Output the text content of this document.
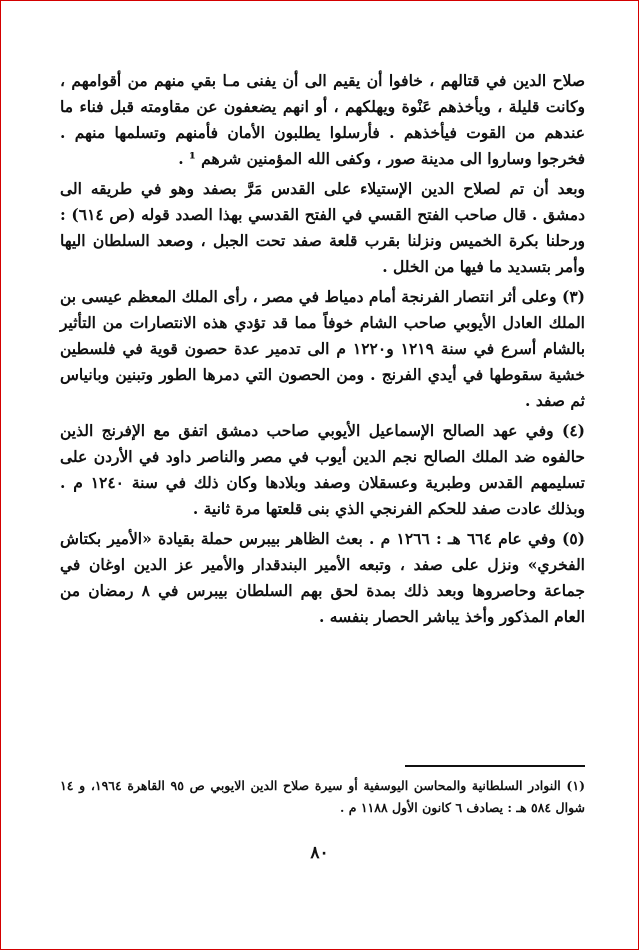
صلاح الدين في قتالهم ، خافوا أن يقيم الى أن يفنى مـا بقي منهم من أقوامهم ، وكانت قليلة ، ويأخذهم عَنْوة ويهلكهم ، أو انهم يضعفون عن مقاومته قبل فناء ما عندهم من القوت فيأخذهم . فأرسلوا يطلبون الأمان فأمنهم وتسلمها منهم . فخرجوا وساروا الى مدينة صور ، وكفى الله المؤمنين شرهم ¹ .

وبعد أن تم لصلاح الدين الإستيلاء على القدس مَرَّ بصفد وهو في طريقه الى دمشق . قال صاحب الفتح القسي في الفتح القدسي بهذا الصدد قوله (ص ٦١٤) : ورحلنا بكرة الخميس ونزلنا بقرب قلعة صفد تحت الجبل ، وصعد السلطان اليها وأمر بتسديد ما فيها من الخلل .

(٣) وعلى أثر انتصار الفرنجة أمام دمياط في مصر ، رأى الملك المعظم عيسى بن الملك العادل الأيوبي صاحب الشام خوفاً مما قد تؤدي هذه الانتصارات من التأثير بالشام أسرع في سنة ١٢١٩ و١٢٢٠ م الى تدمير عدة حصون قوية في فلسطين خشية سقوطها في أيدي الفرنج . ومن الحصون التي دمرها الطور وتبنين وبانياس ثم صفد .

(٤) وفي عهد الصالح الإسماعيل الأيوبي صاحب دمشق اتفق مع الإفرنج الذين حالفوه ضد الملك الصالح نجم الدين أيوب في مصر والناصر داود في الأردن على تسليمهم القدس وطبرية وعسقلان وصفد وبلادها وكان ذلك في سنة ١٢٤٠ م . وبذلك عادت صفد للحكم الفرنجي الذي بنى قلعتها مرة ثانية .

(٥) وفي عام ٦٦٤ هـ : ١٢٦٦ م . بعث الظاهر بيبرس حملة بقيادة «الأمير بكتاش الفخري» ونزل على صفد ، وتبعه الأمير البندقدار والأمير عز الدين اوغان في جماعة وحاصروها وبعد ذلك بمدة لحق بهم السلطان بيبرس في ٨ رمضان من العام المذكور وأخذ يباشر الحصار بنفسه .

(١) النوادر السلطانية والمحاسن اليوسفية أو سيرة صلاح الدين الايوبي ص ٩٥ القاهرة ١٩٦٤، و ١٤ شوال ٥٨٤ هـ : يصادف ٦ كانون الأول ١١٨٨ م .

٨٠
